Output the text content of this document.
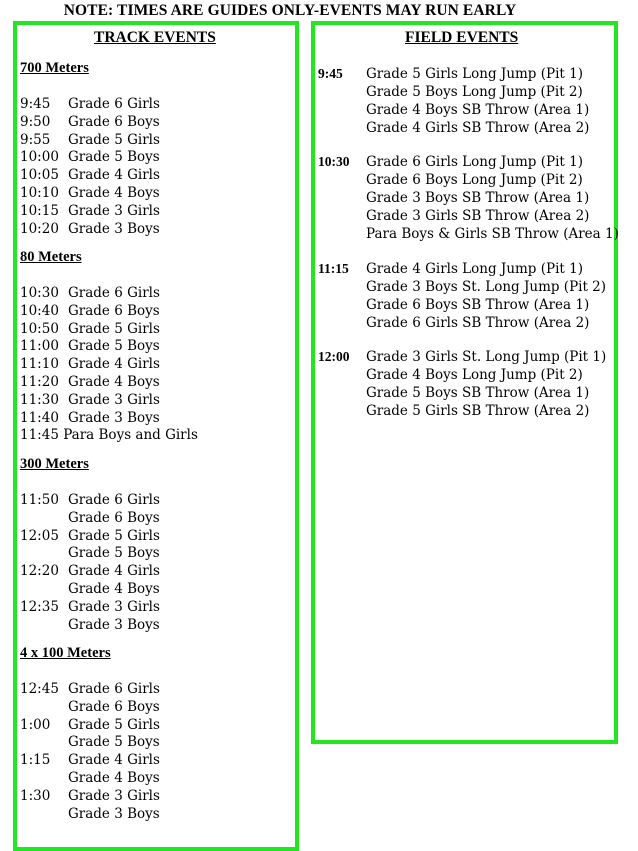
NOTE: TIMES ARE GUIDES ONLY-EVENTS MAY RUN EARLY
TRACK EVENTS	FIELD EVENTS
700 Meters
9:45 Grade 6 Girls
9:50 Grade 6 Boys
9:55 Grade 5 Girls
10:00 Grade 5 Boys
10:05 Grade 4 Girls
10:10 Grade 4 Boys
10:15 Grade 3 Girls
10:20 Grade 3 Boys
80 Meters
10:30 Grade 6 Girls
10:40 Grade 6 Boys
10:50 Grade 5 Girls
11:00 Grade 5 Boys
11:10 Grade 4 Girls
11:20 Grade 4 Boys
11:30 Grade 3 Girls
11:40 Grade 3 Boys
11:45 Para Boys and Girls
300 Meters
11:50 Grade 6 Girls
Grade 6 Boys
12:05 Grade 5 Girls
Grade 5 Boys
12:20 Grade 4 Girls
Grade 4 Boys
12:35 Grade 3 Girls
Grade 3 Boys
4 x 100 Meters
12:45 Grade 6 Girls
Grade 6 Boys
1:00 Grade 5 Girls
Grade 5 Boys
1:15 Grade 4 Girls
Grade 4 Boys
1:30 Grade 3 Girls
Grade 3 Boys
9:45 Grade 5 Girls Long Jump (Pit 1)
Grade 5 Boys Long Jump (Pit 2)
Grade 4 Boys SB Throw (Area 1)
Grade 4 Girls SB Throw (Area 2)
10:30 Grade 6 Girls Long Jump (Pit 1)
Grade 6 Boys Long Jump (Pit 2)
Grade 3 Boys SB Throw (Area 1)
Grade 3 Girls SB Throw (Area 2)
Para Boys & Girls SB Throw (Area 1)
11:15 Grade 4 Girls Long Jump (Pit 1)
Grade 3 Boys St. Long Jump (Pit 2)
Grade 6 Boys SB Throw (Area 1)
Grade 6 Girls SB Throw (Area 2)
12:00 Grade 3 Girls St. Long Jump (Pit 1)
Grade 4 Boys Long Jump (Pit 2)
Grade 5 Boys SB Throw (Area 1)
Grade 5 Girls SB Throw (Area 2)
